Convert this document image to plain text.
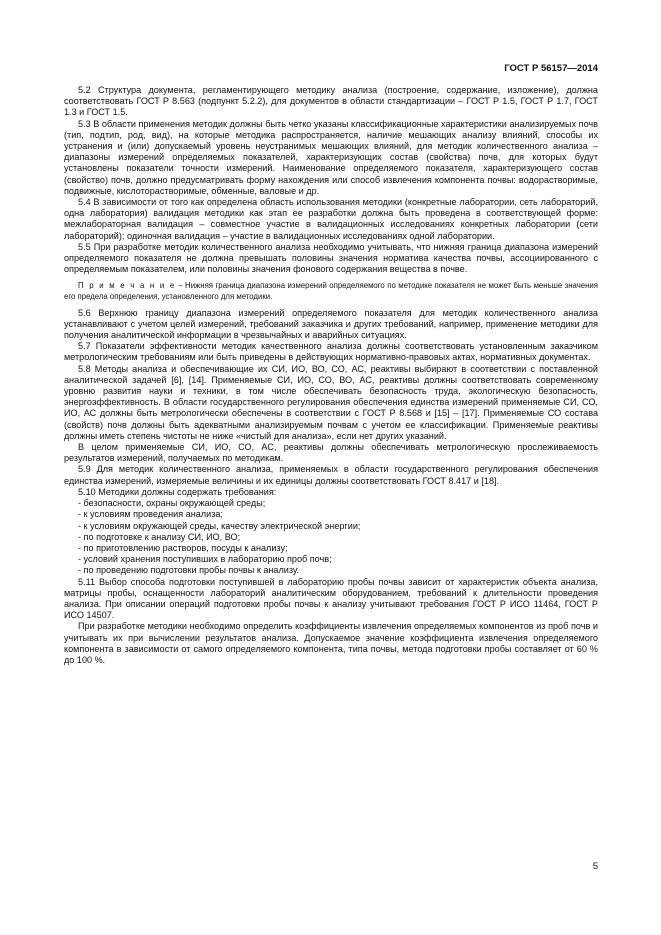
ГОСТ Р 56157—2014

5.2 Структура документа, регламентирующего методику анализа (построение, содержание, изложение), должна соответствовать ГОСТ Р 8.563 (подпункт 5.2.2), для документов в области стандартизации – ГОСТ Р 1.5, ГОСТ Р 1.7, ГОСТ 1.3 и ГОСТ 1.5.

5.3 В области применения методик должны быть четко указаны классификационные характеристики анализируемых почв (тип, подтип, род, вид), на которые методика распространяется, наличие мешающих анализу влияний, способы их устранения и (или) допускаемый уровень неустранимых мешающих влияний, для методик количественного анализа – диапазоны измерений определяемых показателей, характеризующих состав (свойства) почв, для которых будут установлены показатели точности измерений. Наименование определяемого показателя, характеризующего состав (свойство) почв, должно предусматривать форму нахождения или способ извлечения компонента почвы: водорастворимые, подвижные, кислоторастворимые, обменные, валовые и др.

5.4 В зависимости от того как определена область использования методики (конкретные лаборатории, сеть лабораторий, одна лаборатория) валидация методики как этап ее разработки должна быть проведена в соответствующей форме: межлабораторная валидация – совместное участие в валидационных исследованиях конкретных лаборатории (сети лабораторий); одиночная валидация – участие в валидационных исследованиях одной лаборатории.

5.5 При разработке методик количественного анализа необходимо учитывать, что нижняя граница диапазона измерений определяемого показателя не должна превышать половины значения норматива качества почвы, ассоциированного с определяемым показателем, или половины значения фонового содержания вещества в почве.

П р и м е ч а н и е – Нижняя граница диапазона измерений определяемого по методике показателя не может быть меньше значения его предела определения, установленного для методики.

5.6 Верхнюю границу диапазона измерений определяемого показателя для методик количественного анализа устанавливают с учетом целей измерений, требований заказчика и других требований, например, применение методики для получения аналитической информации в чрезвычайных и аварийных ситуациях.

5.7 Показатели эффективности методик качественного анализа должны соответствовать установленным заказчиком метрологическим требованиям или быть приведены в действующих нормативно-правовых актах, нормативных документах.

5.8 Методы анализа и обеспечивающие их СИ, ИО, ВО, СО, АС, реактивы выбирают в соответствии с поставленной аналитической задачей [6], [14]. Применяемые СИ, ИО, СО, ВО, АС, реактивы должны соответствовать современному уровню развития науки и техники, в том числе обеспечивать безопасность труда, экологическую безопасность, энергоэффективность. В области государственного регулирования обеспечения единства измерений применяемые СИ, СО, ИО, АС должны быть метрологически обеспечены в соответствии с ГОСТ Р 8.568 и [15] – [17]. Применяемые СО состава (свойств) почв должны быть адекватными анализируемым почвам с учетом ее классификации. Применяемые реактивы должны иметь степень чистоты не ниже «чистый для анализа», если нет других указаний.

В целом применяемые СИ, ИО, СО, АС, реактивы должны обеспечивать метрологическую прослеживаемость результатов измерений, получаемых по методикам.

5.9 Для методик количественного анализа, применяемых в области государственного регулирования обеспечения единства измерений, измеряемые величины и их единицы должны соответствовать ГОСТ 8.417 и [18].

5.10 Методики должны содержать требования:

- безопасности, охраны окружающей среды;

- к условиям проведения анализа;

- к условиям окружающей среды, качеству электрической энергии;

- по подготовке к анализу СИ, ИО, ВО;

- по приготовлению растворов, посуды к анализу;

- условий хранения поступивших в лабораторию проб почв;

- по проведению подготовки пробы почвы к анализу.

5.11 Выбор способа подготовки поступившей в лабораторию пробы почвы зависит от характеристик объекта анализа, матрицы пробы, оснащенности лабораторий аналитическим оборудованием, требований к длительности проведения анализа. При описании операций подготовки пробы почвы к анализу учитывают требования ГОСТ Р ИСО 11464, ГОСТ Р ИСО 14507.

При разработке методики необходимо определить коэффициенты извлечения определяемых компонентов из проб почв и учитывать их при вычислении результатов анализа. Допускаемое значение коэффициента извлечения определяемого компонента в зависимости от самого определяемого компонента, типа почвы, метода подготовки пробы составляет от 60 % до 100 %.

5
